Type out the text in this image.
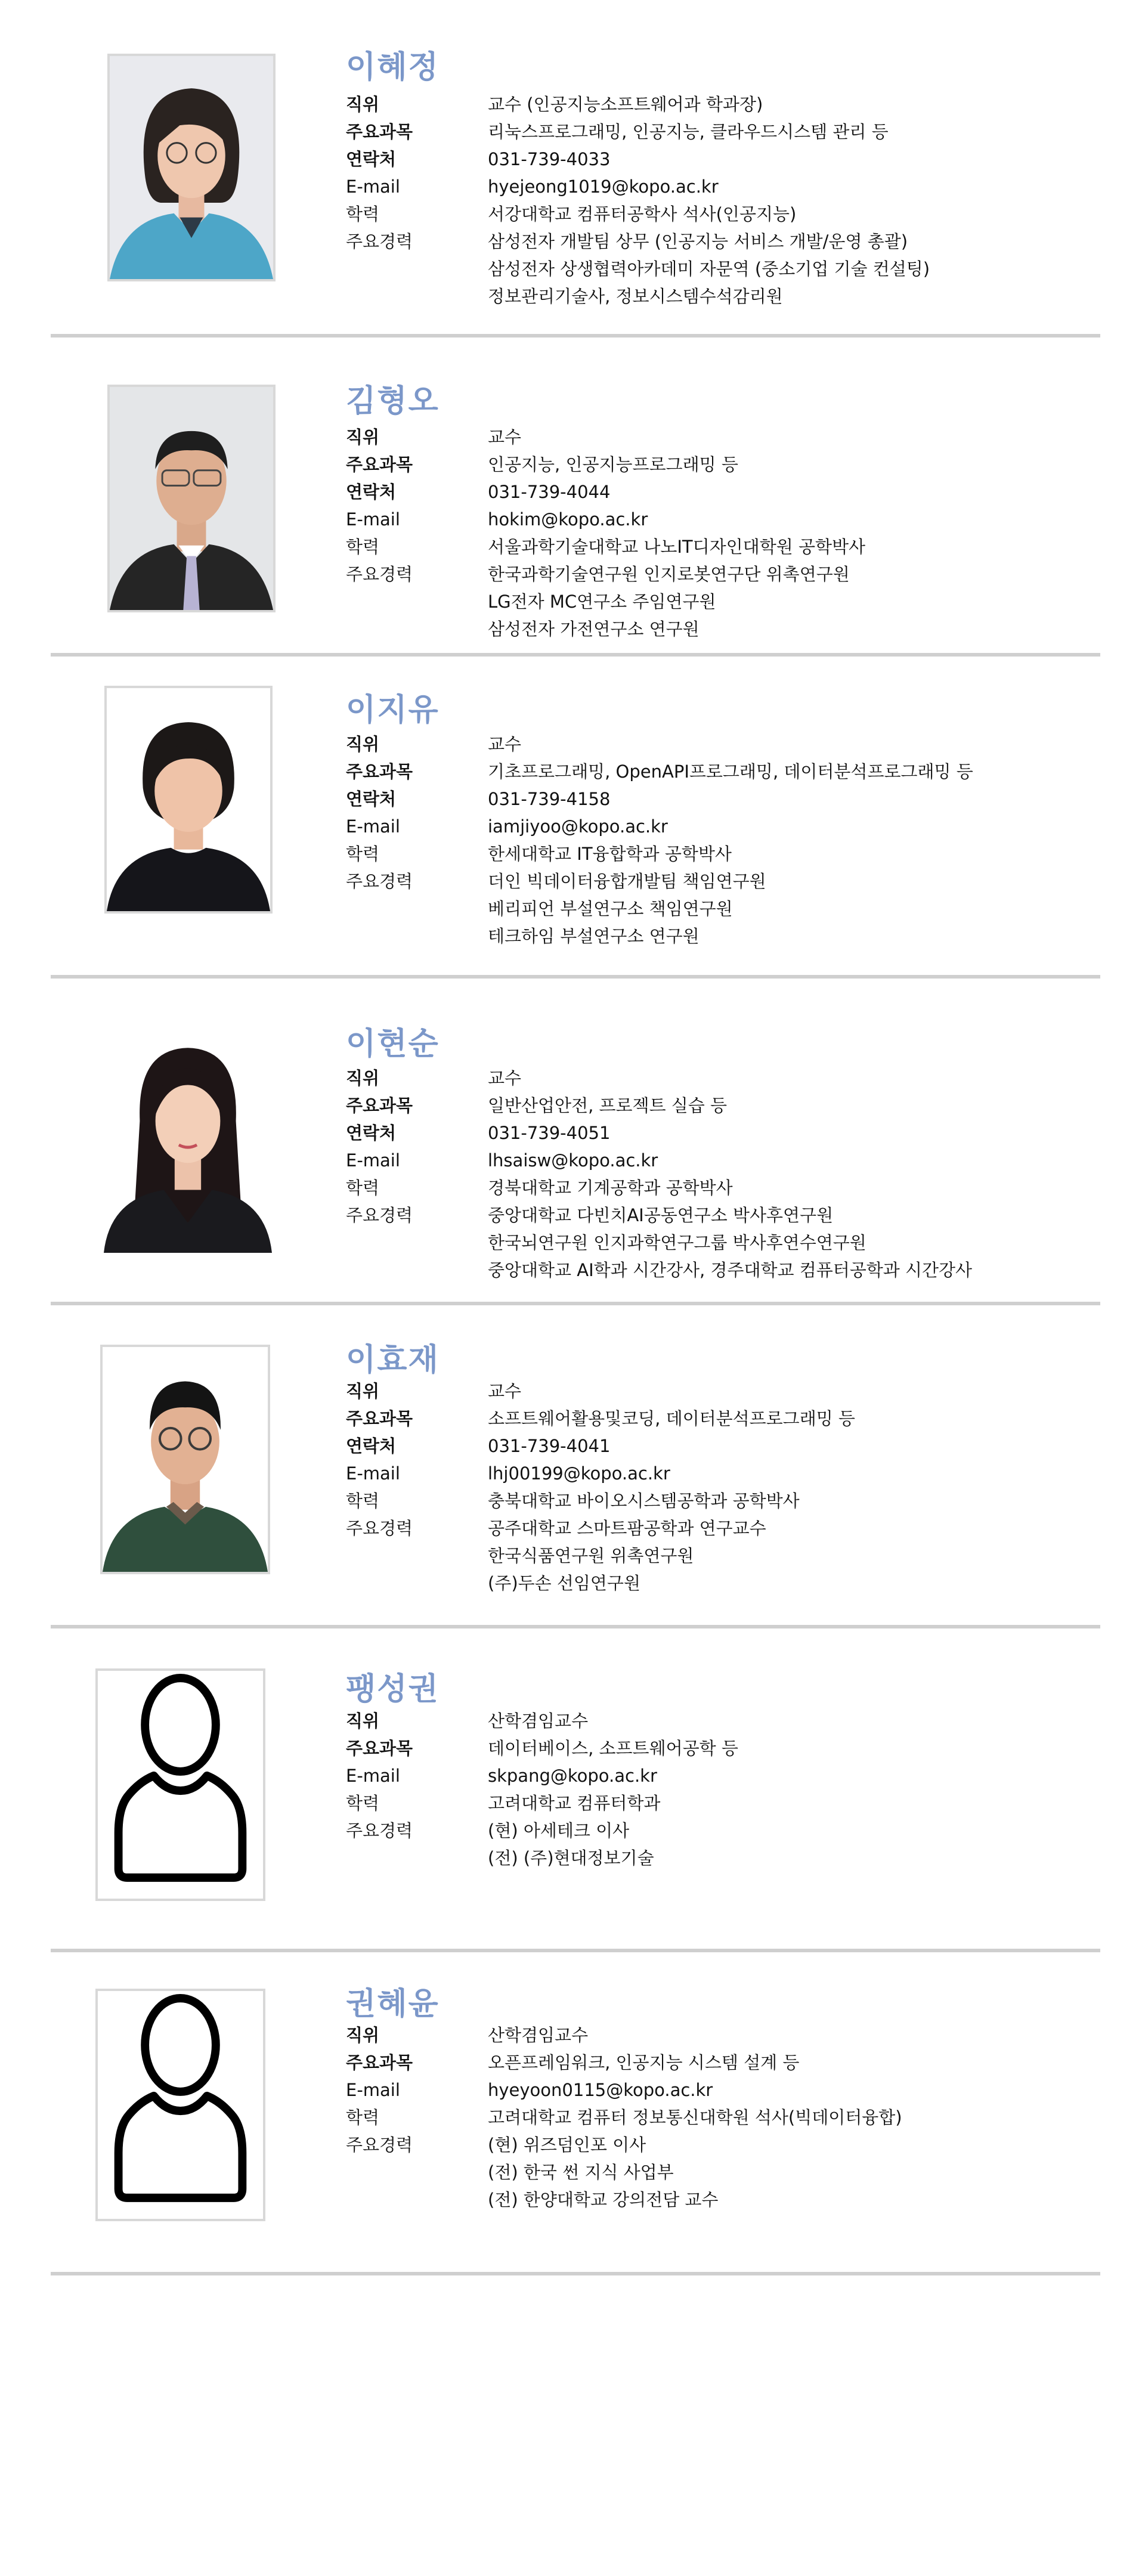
이혜정
직위	교수 (인공지능소프트웨어과 학과장)
주요과목	리눅스프로그래밍, 인공지능, 클라우드시스템 관리 등
연락처	031-739-4033
E-mail	hyejeong1019@kopo.ac.kr
학력	서강대학교 컴퓨터공학사 석사(인공지능)
주요경력	삼성전자 개발팀 상무 (인공지능 서비스 개발/운영 총괄)
삼성전자 상생협력아카데미 자문역 (중소기업 기술 컨설팅)
정보관리기술사, 정보시스템수석감리원
김형오
직위	교수
주요과목	인공지능, 인공지능프로그래밍 등
연락처	031-739-4044
E-mail	hokim@kopo.ac.kr
학력	서울과학기술대학교 나노IT디자인대학원 공학박사
주요경력	한국과학기술연구원 인지로봇연구단 위촉연구원
LG전자 MC연구소 주임연구원
삼성전자 가전연구소 연구원
이지유
직위	교수
주요과목	기초프로그래밍, OpenAPI프로그래밍, 데이터분석프로그래밍 등
연락처	031-739-4158
E-mail	iamjiyoo@kopo.ac.kr
학력	한세대학교 IT융합학과 공학박사
주요경력	더인 빅데이터융합개발팀 책임연구원
베리피언 부설연구소 책임연구원
테크하임 부설연구소 연구원
이현순
직위	교수
주요과목	일반산업안전, 프로젝트 실습 등
연락처	031-739-4051
E-mail	lhsaisw@kopo.ac.kr
학력	경북대학교 기계공학과 공학박사
주요경력	중앙대학교 다빈치AI공동연구소 박사후연구원
한국뇌연구원 인지과학연구그룹 박사후연수연구원
중앙대학교 AI학과 시간강사, 경주대학교 컴퓨터공학과 시간강사
이효재
직위	교수
주요과목	소프트웨어활용및코딩, 데이터분석프로그래밍 등
연락처	031-739-4041
E-mail	lhj00199@kopo.ac.kr
학력	충북대학교 바이오시스템공학과 공학박사
주요경력	공주대학교 스마트팜공학과 연구교수
한국식품연구원 위촉연구원
(주)두손 선임연구원
팽성권
직위	산학겸임교수
주요과목	데이터베이스, 소프트웨어공학 등
E-mail	skpang@kopo.ac.kr
학력	고려대학교 컴퓨터학과
주요경력	(현) 아세테크 이사
(전) (주)현대정보기술
권혜윤
직위	산학겸임교수
주요과목	오픈프레임워크, 인공지능 시스템 설계 등
E-mail	hyeyoon0115@kopo.ac.kr
학력	고려대학교 컴퓨터 정보통신대학원 석사(빅데이터융합)
주요경력	(현) 위즈덤인포 이사
(전) 한국 썬 지식 사업부
(전) 한양대학교 강의전담 교수
